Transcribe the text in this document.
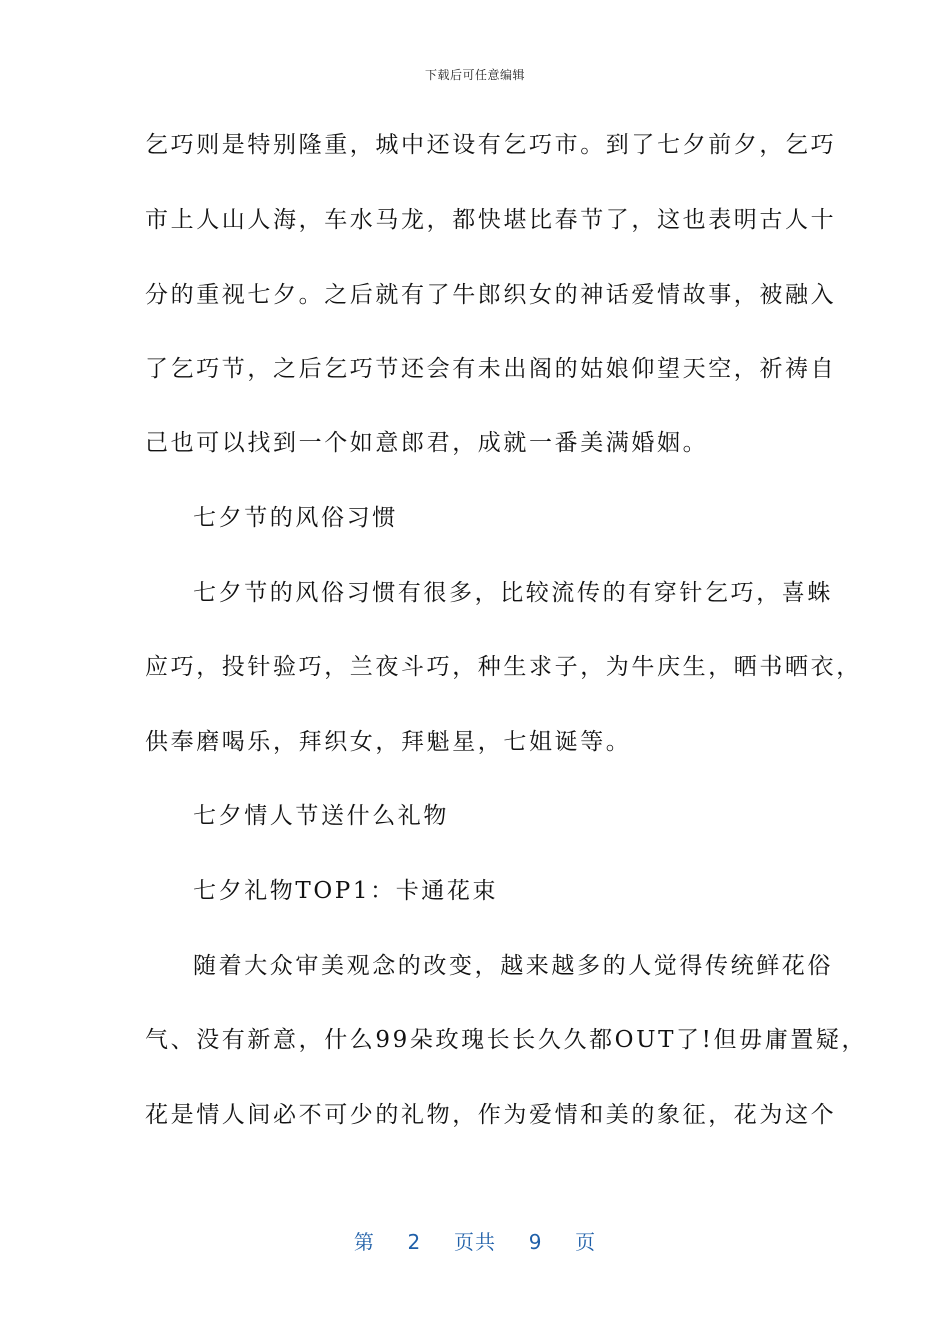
下载后可任意编辑
乞巧则是特别隆重，城中还设有乞巧市。到了七夕前夕，乞巧
市上人山人海，车水马龙，都快堪比春节了，这也表明古人十
分的重视七夕。之后就有了牛郎织女的神话爱情故事，被融入
了乞巧节，之后乞巧节还会有未出阁的姑娘仰望天空，祈祷自
己也可以找到一个如意郎君，成就一番美满婚姻。
七夕节的风俗习惯
七夕节的风俗习惯有很多，比较流传的有穿针乞巧，喜蛛
应巧，投针验巧，兰夜斗巧，种生求子，为牛庆生，晒书晒衣，
供奉磨喝乐，拜织女，拜魁星，七姐诞等。
七夕情人节送什么礼物
七夕礼物TOP1：卡通花束
随着大众审美观念的改变，越来越多的人觉得传统鲜花俗
气、没有新意，什么99朵玫瑰长长久久都OUT了!但毋庸置疑，
花是情人间必不可少的礼物，作为爱情和美的象征，花为这个
第 2 页共 9 页
